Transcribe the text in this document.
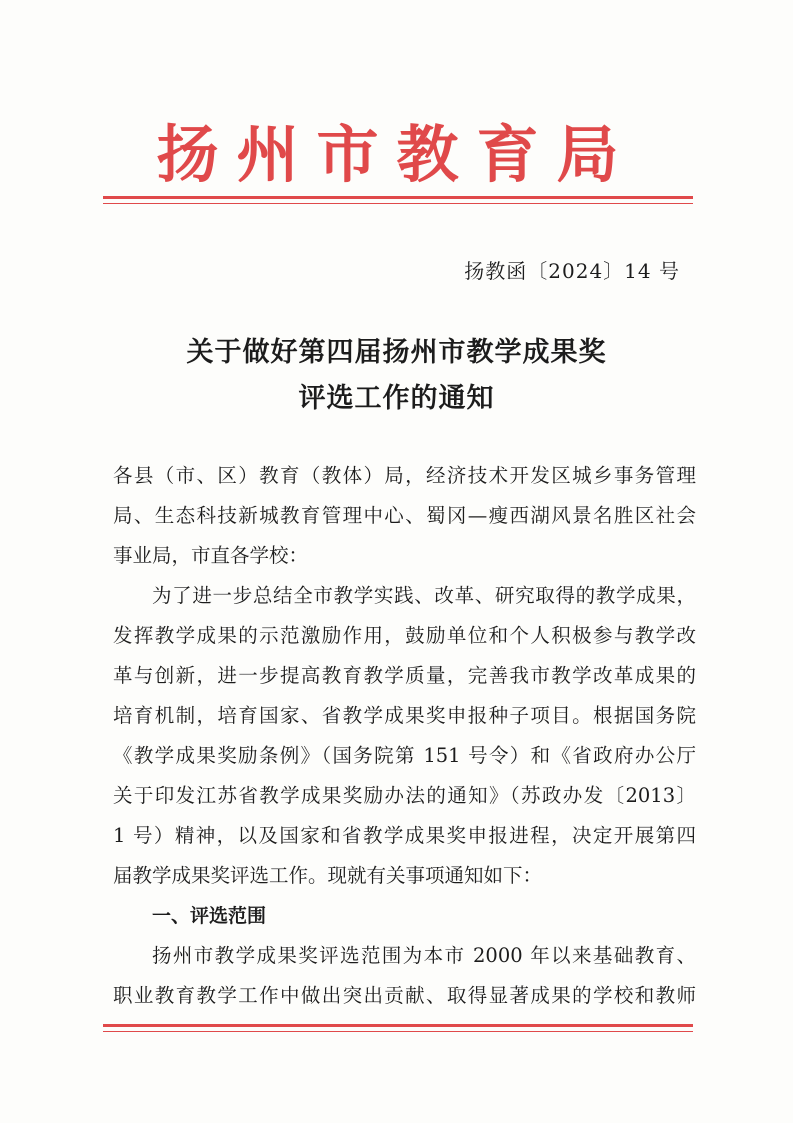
扬州市教育局
扬教函〔2024〕14 号
关于做好第四届扬州市教学成果奖
评选工作的通知
各县（市、区）教育（教体）局，经济技术开发区城乡事务管理
局、生态科技新城教育管理中心、蜀冈—瘦西湖风景名胜区社会
事业局，市直各学校：
为了进一步总结全市教学实践、改革、研究取得的教学成果，
发挥教学成果的示范激励作用，鼓励单位和个人积极参与教学改
革与创新，进一步提高教育教学质量，完善我市教学改革成果的
培育机制，培育国家、省教学成果奖申报种子项目。根据国务院
《教学成果奖励条例》（国务院第 151 号令）和《省政府办公厅
关于印发江苏省教学成果奖励办法的通知》（苏政办发〔2013〕
1 号）精神，以及国家和省教学成果奖申报进程，决定开展第四
届教学成果奖评选工作。现就有关事项通知如下：
一、评选范围
扬州市教学成果奖评选范围为本市 2000 年以来基础教育、
职业教育教学工作中做出突出贡献、取得显著成果的学校和教师
